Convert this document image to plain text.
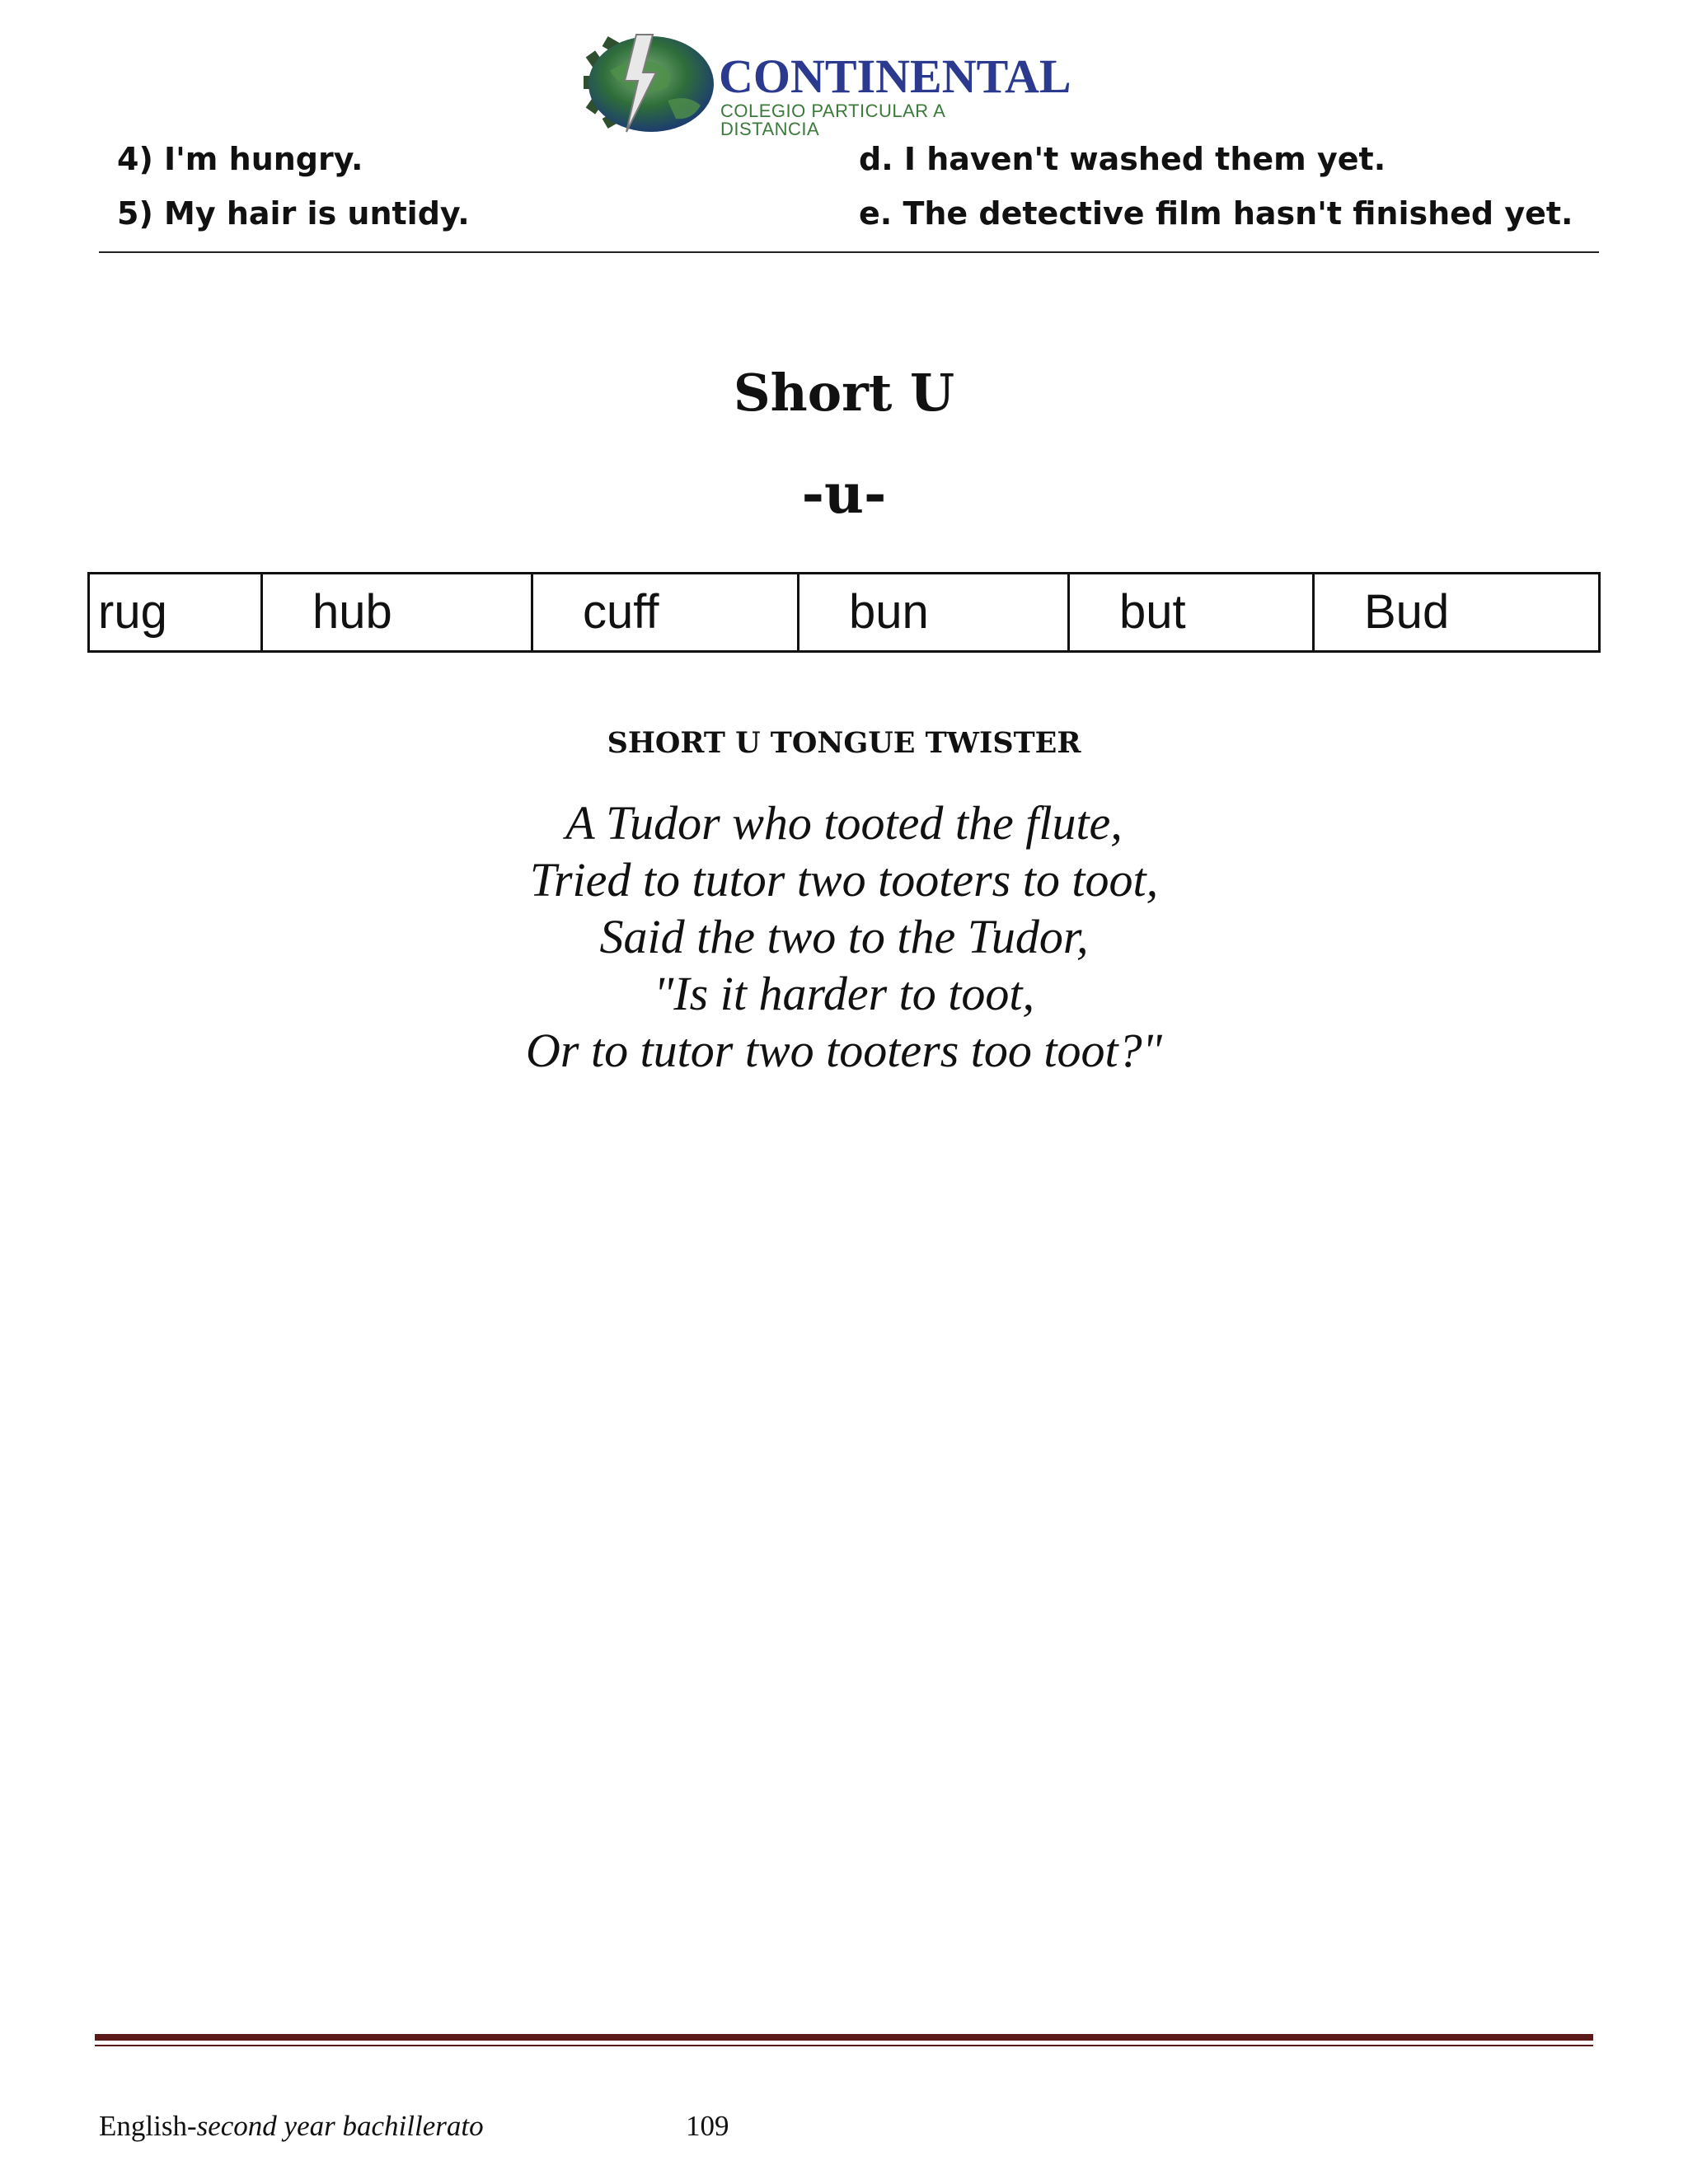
CONTINENTAL
COLEGIO PARTICULAR A DISTANCIA
4) I'm hungry.
5) My hair is untidy.
d. I haven't washed them yet.
e. The detective film hasn't finished yet.
Short U
-u-
rug	hub	cuff	bun	but	Bud
SHORT U TONGUE TWISTER
A Tudor who tooted the flute,
Tried to tutor two tooters to toot,
Said the two to the Tudor,
"Is it harder to toot,
Or to tutor two tooters too toot?"
English-second year bachillerato	109
